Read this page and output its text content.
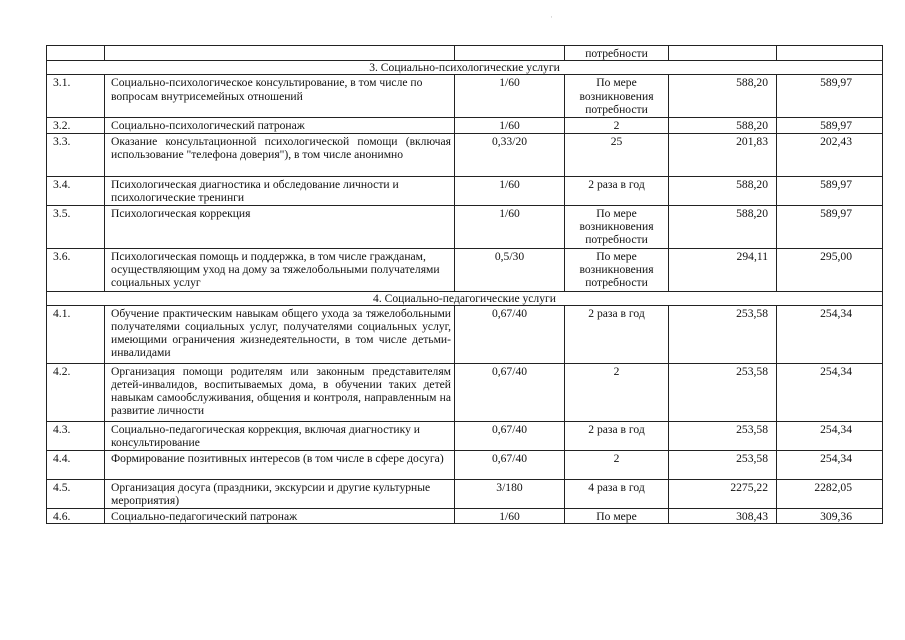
·
			потребности		
3. Социально-психологические услуги					
3.1.	Социально-психологическое консультирование, в том числе по вопросам внутрисемейных отношений	1/60	По мере возникновения потребности	588,20	589,97
3.2.	Социально-психологический патронаж	1/60	2	588,20	589,97
3.3.	Оказание консультационной психологической помощи (включая использование "телефона доверия"), в том числе анонимно	0,33/20	25	201,83	202,43
3.4.	Психологическая диагностика и обследование личности и психологические тренинги	1/60	2 раза в год	588,20	589,97
3.5.	Психологическая коррекция	1/60	По мере возникновения потребности	588,20	589,97
3.6.	Психологическая помощь и поддержка, в том числе гражданам, осуществляющим уход на дому за тяжелобольными получателями социальных услуг	0,5/30	По мере возникновения потребности	294,11	295,00
4. Социально-педагогические услуги					
4.1.	Обучение практическим навыкам общего ухода за тяжелобольными получателями социальных услуг, получателями социальных услуг, имеющими ограничения жизнедеятельности, в том числе детьми-инвалидами	0,67/40	2 раза в год	253,58	254,34
4.2.	Организация помощи родителям или законным представителям детей-инвалидов, воспитываемых дома, в обучении таких детей навыкам самообслуживания, общения и контроля, направленным на развитие личности	0,67/40	2	253,58	254,34
4.3.	Социально-педагогическая коррекция, включая диагностику и консультирование	0,67/40	2 раза в год	253,58	254,34
4.4.	Формирование позитивных интересов (в том числе в сфере досуга)	0,67/40	2	253,58	254,34
4.5.	Организация досуга (праздники, экскурсии и другие культурные мероприятия)	3/180	4 раза в год	2275,22	2282,05
4.6.	Социально-педагогический патронаж	1/60	По мере	308,43	309,36
